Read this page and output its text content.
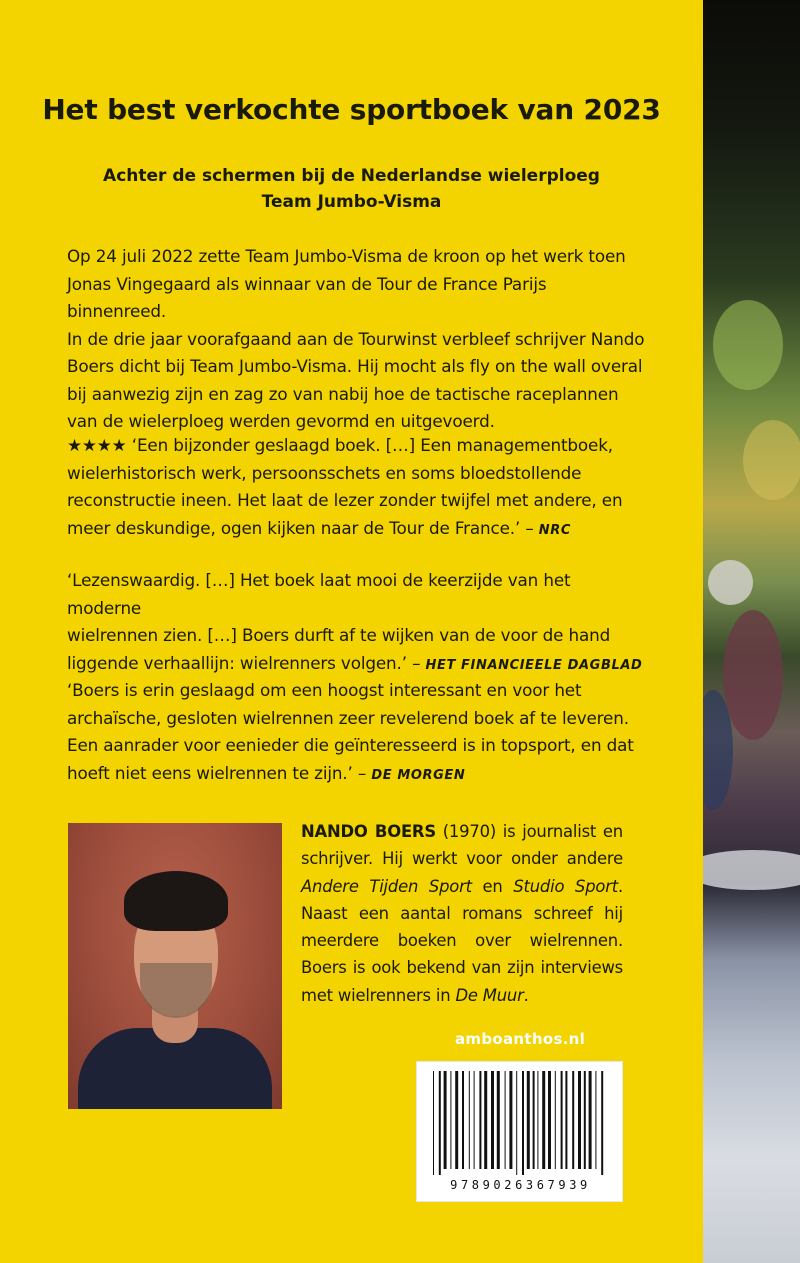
Het best verkochte sportboek van 2023
Achter de schermen bij de Nederlandse wielerploeg
Team Jumbo-Visma
Op 24 juli 2022 zette Team Jumbo-Visma de kroon op het werk toen
Jonas Vingegaard als winnaar van de Tour de France Parijs binnenreed.
In de drie jaar voorafgaand aan de Tourwinst verbleef schrijver Nando
Boers dicht bij Team Jumbo-Visma. Hij mocht als fly on the wall overal
bij aanwezig zijn en zag zo van nabij hoe de tactische raceplannen
van de wielerploeg werden gevormd en uitgevoerd.
★★★★ ‘Een bijzonder geslaagd boek. […] Een managementboek,
wielerhistorisch werk, persoonsschets en soms bloedstollende
reconstructie ineen. Het laat de lezer zonder twijfel met andere, en
meer deskundige, ogen kijken naar de Tour de France.’ – NRC
‘Lezenswaardig. […] Het boek laat mooi de keerzijde van het moderne
wielrennen zien. […] Boers durft af te wijken van de voor de hand
liggende verhaallijn: wielrenners volgen.’ – HET FINANCIEELE DAGBLAD
‘Boers is erin geslaagd om een hoogst interessant en voor het
archaïsche, gesloten wielrennen zeer revelerend boek af te leveren.
Een aanrader voor eenieder die geïnteresseerd is in topsport, en dat
hoeft niet eens wielrennen te zijn.’ – DE MORGEN
NANDO BOERS (1970) is journalist en schrijver. Hij werkt voor onder andere Andere Tijden Sport en Studio Sport. Naast een aantal romans schreef hij meerdere boeken over wielrennen. Boers is ook bekend van zijn interviews met wielrenners in De Muur.
amboanthos.nl
9789026367939
